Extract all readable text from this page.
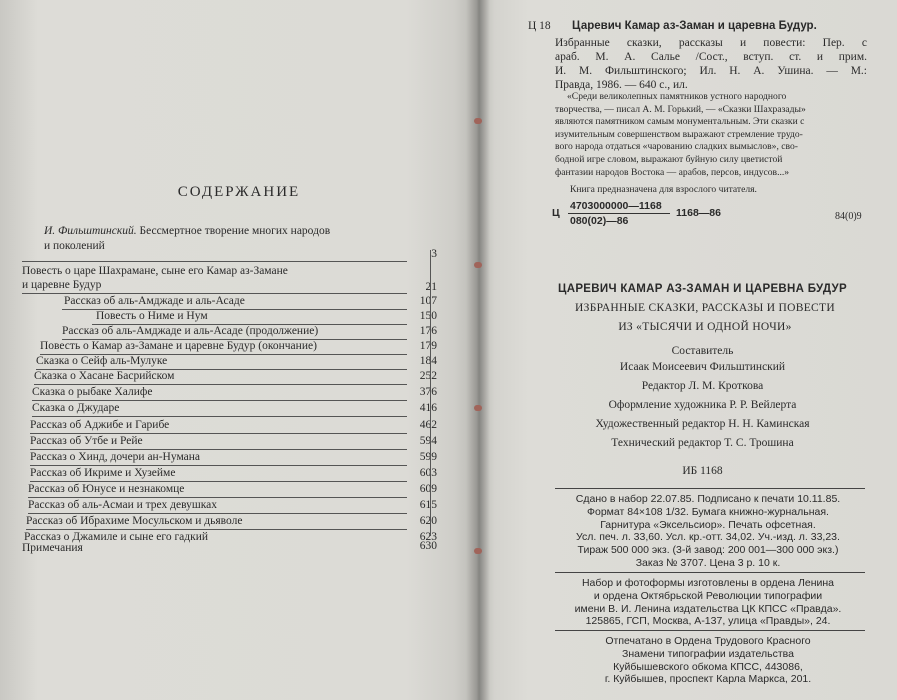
СОДЕРЖАНИЕ
И. Фильштинский. Бессмертное творение многих народов
и поколений
3
Повесть о царе Шахрамане, сыне его Камар аз-Замане
и царевне Будур	21
Рассказ об аль-Амджаде и аль-Асаде	107
Повесть о Ниме и Нум	150
Рассказ об аль-Амджаде и аль-Асаде (продолжение)	176
Повесть о Камар аз-Замане и царевне Будур (окончание)	179
Сказка о Сейф аль-Мулуке	184
Сказка о Хасане Басрийском	252
Сказка о рыбаке Халифе	376
Сказка о Джударе	416
Рассказ об Аджибе и Гарибе	462
Рассказ об Утбе и Рейе	594
Рассказ о Хинд, дочери ан-Нумана	599
Рассказ об Икриме и Хузейме	603
Рассказ об Юнусе и незнакомце	609
Рассказ об аль-Асмаи и трех девушках	615
Рассказ об Ибрахиме Мосульском и дьяволе	620
Рассказ о Джамиле и сыне его гадкий	623
Примечания	630
Ц 18 Царевич Камар аз-Заман и царевна Будур.
Избранные сказки, рассказы и повести: Пер. с
араб. М. А. Салье /Сост., вступ. ст. и прим.
И. М. Фильштинского; Ил. Н. А. Ушина. — М.:
Правда, 1986. — 640 с., ил.
«Среди великолепных памятников устного народного
творчества, — писал А. М. Горький, — «Сказки Шахразады»
являются памятником самым монументальным. Эти сказки с
изумительным совершенством выражают стремление трудо-
вого народа отдаться «чарованию сладких вымыслов», сво-
бодной игре словом, выражают буйную силу цветистой
фантазии народов Востока — арабов, персов, индусов...»
Книга предназначена для взрослого читателя.
Ц
4703000000—1168
080(02)—86
1168—86	84(0)9
ЦАРЕВИЧ КАМАР АЗ-ЗАМАН И ЦАРЕВНА БУДУР
ИЗБРАННЫЕ СКАЗКИ, РАССКАЗЫ И ПОВЕСТИ
ИЗ «ТЫСЯЧИ И ОДНОЙ НОЧИ»
Составитель
Исаак Моисеевич Фильштинский
Редактор Л. М. Кроткова
Оформление художника Р. Р. Вейлерта
Художественный редактор Н. Н. Каминская
Технический редактор Т. С. Трошина
ИБ 1168
Сдано в набор 22.07.85. Подписано к печати 10.11.85.
Формат 84×108 1/32. Бумага книжно-журнальная.
Гарнитура «Эксельсиор». Печать офсетная.
Усл. печ. л. 33,60. Усл. кр.-отт. 34,02. Уч.-изд. л. 33,23.
Тираж 500 000 экз. (3-й завод: 200 001—300 000 экз.)
Заказ № 3707. Цена 3 р. 10 к.
Набор и фотоформы изготовлены в ордена Ленина
и ордена Октябрьской Революции типографии
имени В. И. Ленина издательства ЦК КПСС «Правда».
125865, ГСП, Москва, А-137, улица «Правды», 24.
Отпечатано в Ордена Трудового Красного
Знамени типографии издательства
Куйбышевского обкома КПСС, 443086,
г. Куйбышев, проспект Карла Маркса, 201.
